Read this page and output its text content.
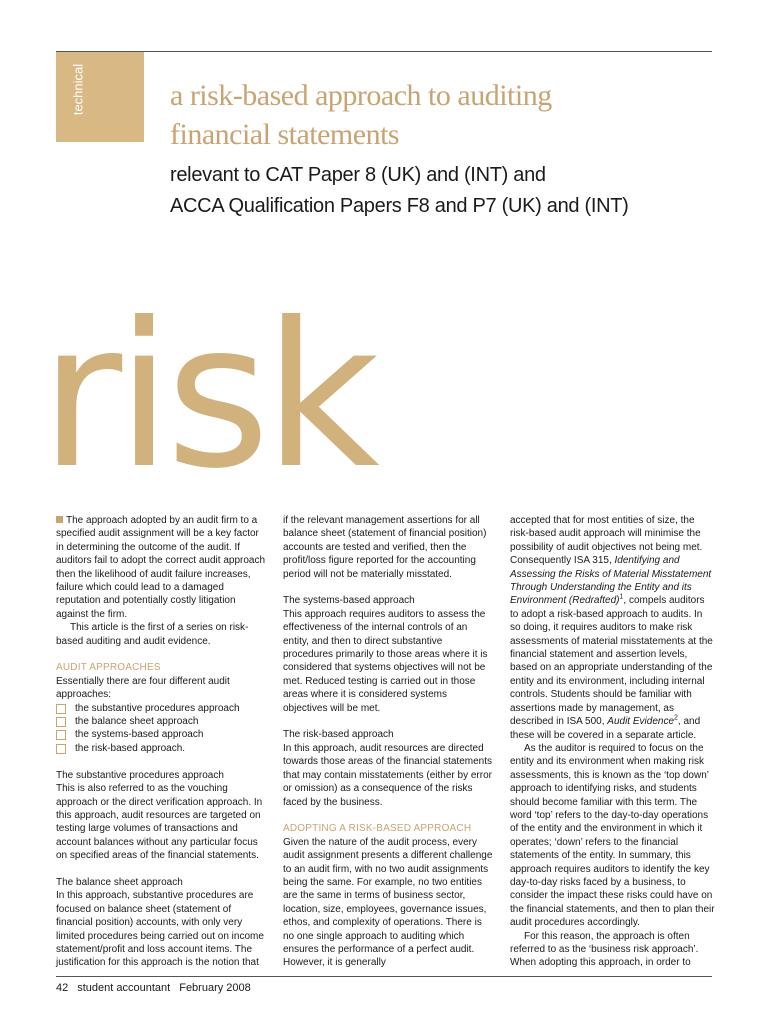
technical	a risk-based approach to auditing
financial statements
relevant to CAT Paper 8 (UK) and (INT) and
ACCA Qualification Papers F8 and P7 (UK) and (INT)
risk

The approach adopted by an audit firm to a specified audit assignment will be a key factor in determining the outcome of the audit. If auditors fail to adopt the correct audit approach then the likelihood of audit failure increases, failure which could lead to a damaged reputation and potentially costly litigation against the firm.

This article is the first of a series on risk-based auditing and audit evidence.

AUDIT APPROACHES

Essentially there are four different audit approaches:

the substantive procedures approach
the balance sheet approach
the systems-based approach
the risk-based approach.

The substantive procedures approach

This is also referred to as the vouching approach or the direct verification approach. In this approach, audit resources are targeted on testing large volumes of transactions and account balances without any particular focus on specified areas of the financial statements.

The balance sheet approach

In this approach, substantive procedures are focused on balance sheet (statement of financial position) accounts, with only very limited procedures being carried out on income statement/profit and loss account items. The justification for this approach is the notion that

if the relevant management assertions for all balance sheet (statement of financial position) accounts are tested and verified, then the profit/loss figure reported for the accounting period will not be materially misstated.

The systems-based approach

This approach requires auditors to assess the effectiveness of the internal controls of an entity, and then to direct substantive procedures primarily to those areas where it is considered that systems objectives will not be met. Reduced testing is carried out in those areas where it is considered systems objectives will be met.

The risk-based approach

In this approach, audit resources are directed towards those areas of the financial statements that may contain misstatements (either by error or omission) as a consequence of the risks faced by the business.

ADOPTING A RISK-BASED APPROACH

Given the nature of the audit process, every audit assignment presents a different challenge to an audit firm, with no two audit assignments being the same. For example, no two entities are the same in terms of business sector, location, size, employees, governance issues, ethos, and complexity of operations. There is no one single approach to auditing which ensures the performance of a perfect audit. However, it is generally

accepted that for most entities of size, the risk-based audit approach will minimise the possibility of audit objectives not being met. Consequently ISA 315, Identifying and Assessing the Risks of Material Misstatement Through Understanding the Entity and its Environment (Redrafted)$^1$, compels auditors to adopt a risk-based approach to audits. In so doing, it requires auditors to make risk assessments of material misstatements at the financial statement and assertion levels, based on an appropriate understanding of the entity and its environment, including internal controls. Students should be familiar with assertions made by management, as described in ISA 500, Audit Evidence$^2$, and these will be covered in a separate article.

As the auditor is required to focus on the entity and its environment when making risk assessments, this is known as the ‘top down’ approach to identifying risks, and students should become familiar with this term. The word ‘top’ refers to the day-to-day operations of the entity and the environment in which it operates; ‘down’ refers to the financial statements of the entity. In summary, this approach requires auditors to identify the key day-to-day risks faced by a business, to consider the impact these risks could have on the financial statements, and then to plan their audit procedures accordingly.

For this reason, the approach is often referred to as the ‘business risk approach’. When adopting this approach, in order to

42 student accountant February 2008
